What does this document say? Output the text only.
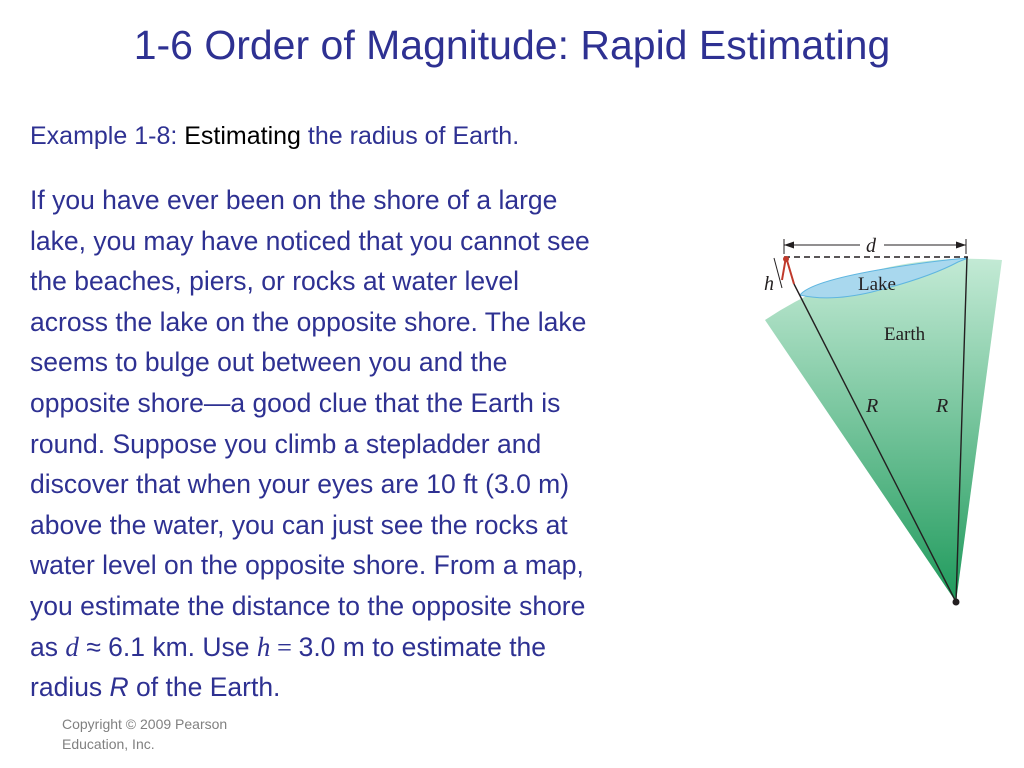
1-6 Order of Magnitude: Rapid Estimating
Example 1-8: Estimating the radius of Earth.
If you have ever been on the shore of a large
lake, you may have noticed that you cannot see
the beaches, piers, or rocks at water level
across the lake on the opposite shore. The lake
seems to bulge out between you and the
opposite shore—a good clue that the Earth is
round. Suppose you climb a stepladder and
discover that when your eyes are 10 ft (3.0 m)
above the water, you can just see the rocks at
water level on the opposite shore. From a map,
you estimate the distance to the opposite shore
as d ≈ 6.1 km. Use h = 3.0 m to estimate the
radius R of the Earth.
Copyright © 2009 Pearson
Education, Inc.
d
h	Lake
Earth
R	R
